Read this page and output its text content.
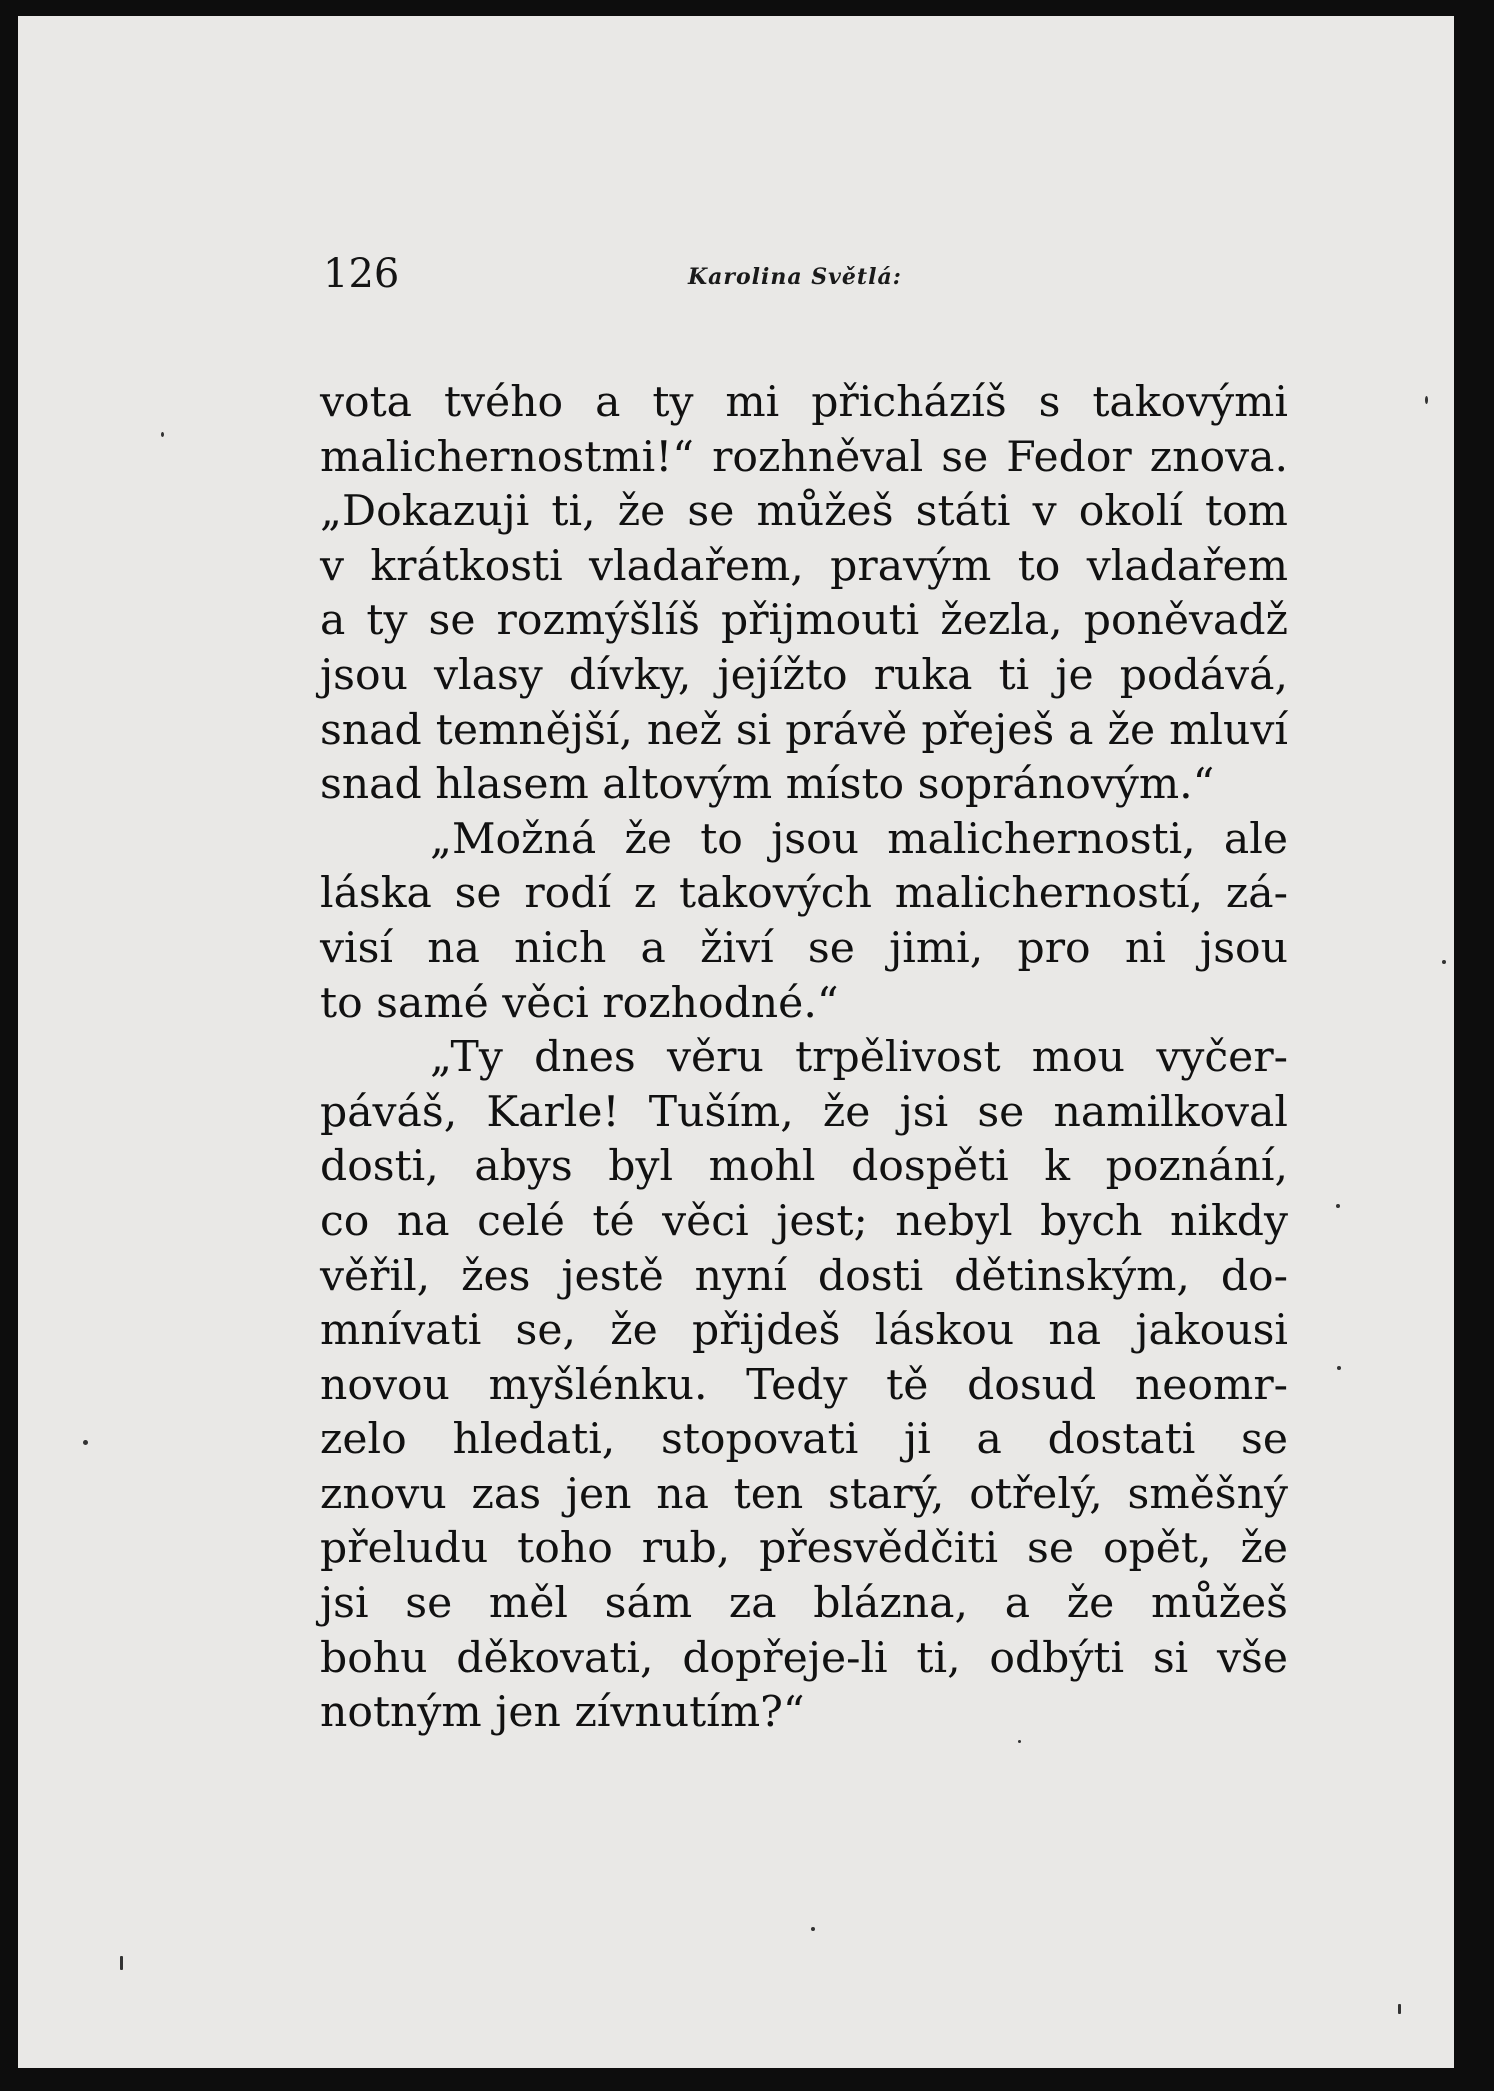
126	Karolina Světlá:
vota tvého a ty mi přicházíš s takovými
malichernostmi!“ rozhněval se Fedor znova.
„Dokazuji ti, že se můžeš státi v okolí tom
v krátkosti vladařem, pravým to vladařem
a ty se rozmýšlíš přijmouti žezla, poněvadž
jsou vlasy dívky, jejížto ruka ti je podává,
snad temnější, než si právě přeješ a že mluví
snad hlasem altovým místo sopránovým.“
„Možná že to jsou malichernosti, ale
láska se rodí z takových malicherností, zá-
visí na nich a živí se jimi, pro ni jsou
to samé věci rozhodné.“
„Ty dnes věru trpělivost mou vyčer-
páváš, Karle! Tuším, že jsi se namilkoval
dosti, abys byl mohl dospěti k poznání,
co na celé té věci jest; nebyl bych nikdy
věřil, žes jestě nyní dosti dětinským, do-
mnívati se, že přijdeš láskou na jakousi
novou myšlénku. Tedy tě dosud neomr-
zelo hledati, stopovati ji a dostati se
znovu zas jen na ten starý, otřelý, směšný
přeludu toho rub, přesvědčiti se opět, že
jsi se měl sám za blázna, a že můžeš
bohu děkovati, dopřeje-li ti, odbýti si vše
notným jen zívnutím?“
